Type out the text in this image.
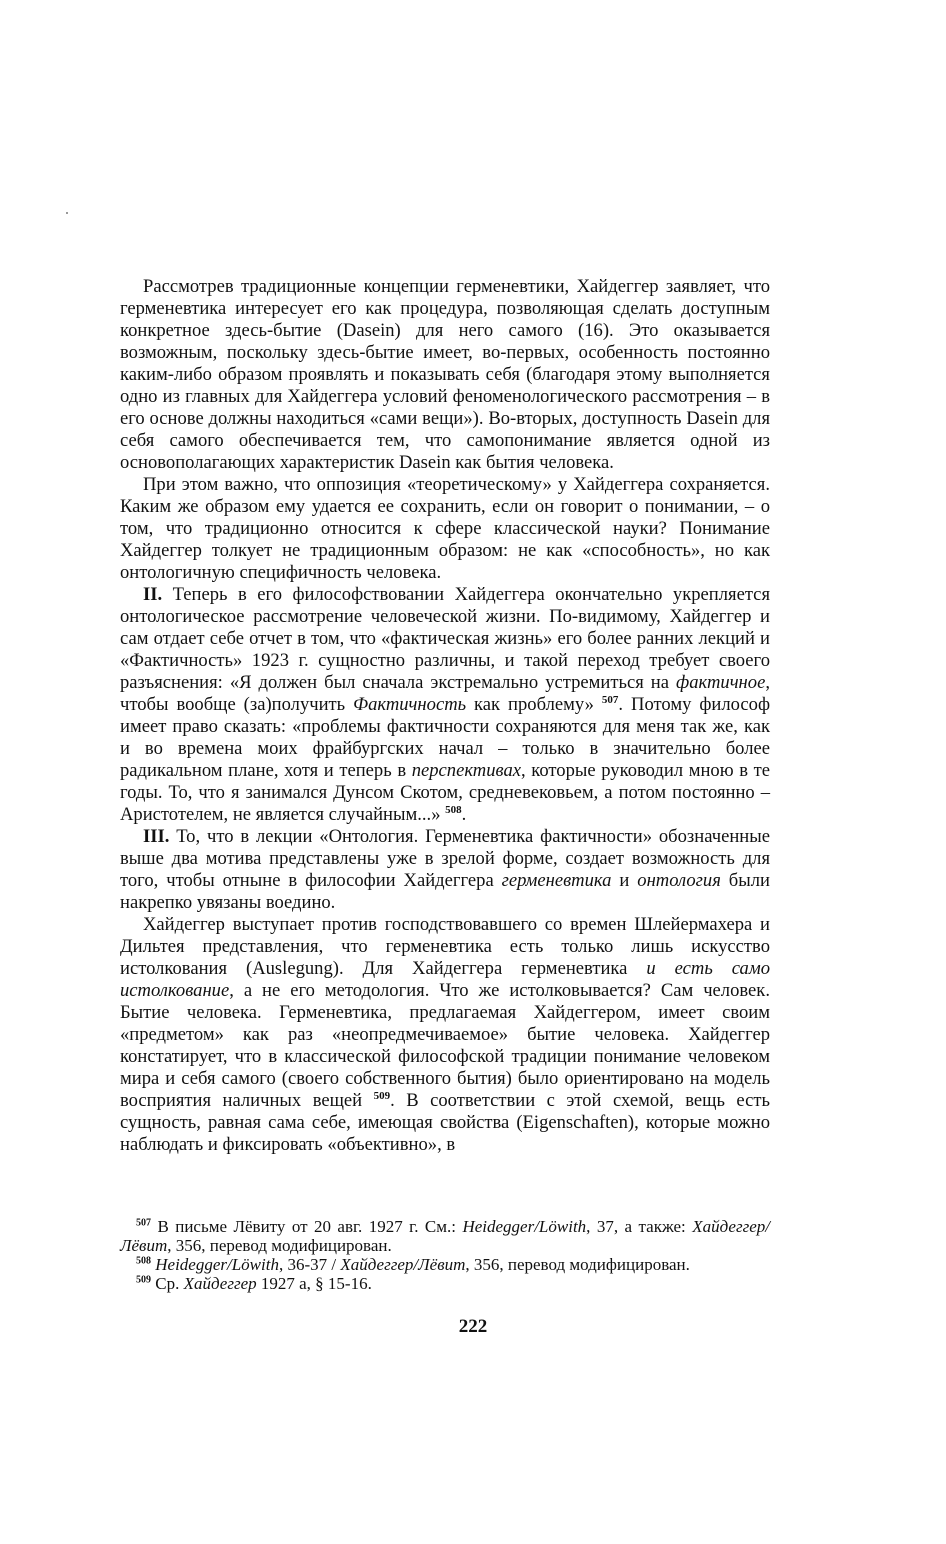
Рассмотрев традиционные концепции герменевтики, Хайдеггер заявляет, что герменевтика интересует его как процедура, позволяющая сделать доступным конкретное здесь-бытие (Dasein) для него самого (16). Это оказывается возможным, поскольку здесь-бытие имеет, во-первых, особенность постоянно каким-либо образом проявлять и показывать себя (благодаря этому выполняется одно из главных для Хайдеггера условий феноменологического рассмотрения – в его основе должны находиться «сами вещи»). Во-вторых, доступность Dasein для себя самого обеспечивается тем, что самопонимание является одной из основополагающих характеристик Dasein как бытия человека.

При этом важно, что оппозиция «теоретическому» у Хайдеггера сохраняется. Каким же образом ему удается ее сохранить, если он говорит о понимании, – о том, что традиционно относится к сфере классической науки? Понимание Хайдеггер толкует не традиционным образом: не как «способность», но как онтологичную специфичность человека.

II. Теперь в его философствовании Хайдеггера окончательно укрепляется онтологическое рассмотрение человеческой жизни. По-видимому, Хайдеггер и сам отдает себе отчет в том, что «фактическая жизнь» его более ранних лекций и «Фактичность» 1923 г. сущностно различны, и такой переход требует своего разъяснения: «Я должен был сначала экстремально устремиться на фактичное, чтобы вообще (за)получить Фактичность как проблему» $^{507}$. Потому философ имеет право сказать: «проблемы фактичности сохраняются для меня так же, как и во времена моих фрайбургских начал – только в значительно более радикальном плане, хотя и теперь в перспективах, которые руководил мною в те годы. То, что я занимался Дунсом Скотом, средневековьем, а потом постоянно – Аристотелем, не является случайным...» $^{508}$.

III. То, что в лекции «Онтология. Герменевтика фактичности» обозначенные выше два мотива представлены уже в зрелой форме, создает возможность для того, чтобы отныне в философии Хайдеггера герменевтика и онтология были накрепко увязаны воедино.

Хайдеггер выступает против господствовавшего со времен Шлейермахера и Дильтея представления, что герменевтика есть только лишь искусство истолкования (Auslegung). Для Хайдеггера герменевтика и есть само истолкование, а не его методология. Что же истолковывается? Сам человек. Бытие человека. Герменевтика, предлагаемая Хайдеггером, имеет своим «предметом» как раз «неопредмечиваемое» бытие человека. Хайдеггер констатирует, что в классической философской традиции понимание человеком мира и себя самого (своего собственного бытия) было ориентировано на модель восприятия наличных вещей $^{509}$. В соответствии с этой схемой, вещь есть сущность, равная сама себе, имеющая свойства (Eigenschaften), которые можно наблюдать и фиксировать «объективно», в

$^{507}$ В письме Лёвиту от 20 авг. 1927 г. См.: Heidegger/Löwith, 37, а также: Хайдеггер/Лёвит, 356, перевод модифицирован.

$^{508}$ Heidegger/Löwith, 36-37 / Хайдеггер/Лёвит, 356, перевод модифицирован.

$^{509}$ Ср. Хайдеггер 1927 а, § 15-16.

222
